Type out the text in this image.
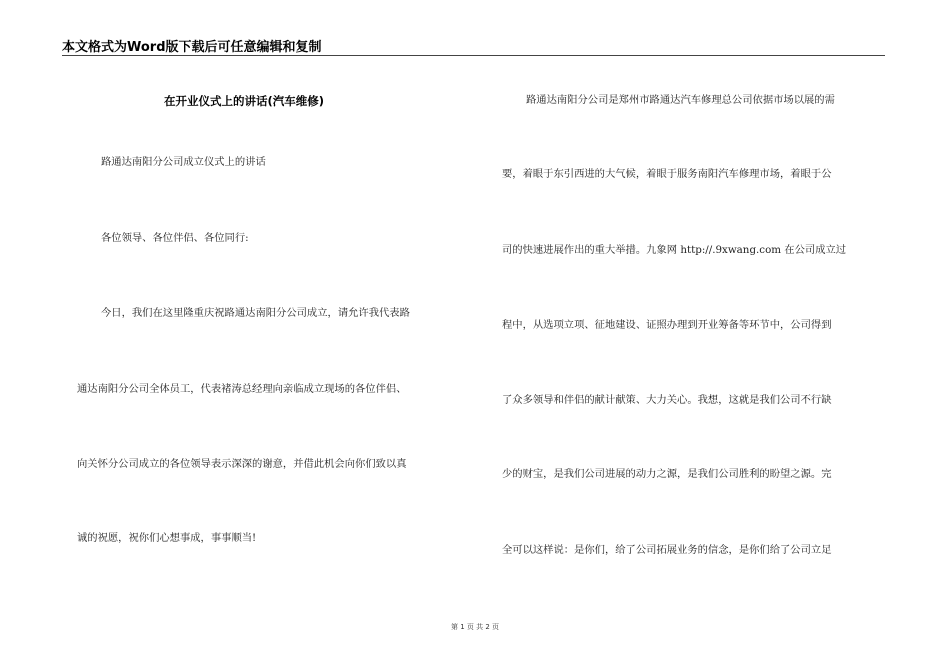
本文格式为Word版下载后可任意编辑和复制
在开业仪式上的讲话(汽车维修)
路通达南阳分公司成立仪式上的讲话
各位领导、各位伴侣、各位同行:
今日，我们在这里隆重庆祝路通达南阳分公司成立，请允许我代表路
通达南阳分公司全体员工，代表褚涛总经理向亲临成立现场的各位伴侣、
向关怀分公司成立的各位领导表示深深的谢意，并借此机会向你们致以真
诚的祝愿，祝你们心想事成，事事顺当!
路通达南阳分公司是郑州市路通达汽车修理总公司依据市场以展的需
要，着眼于东引西进的大气候，着眼于服务南阳汽车修理市场，着眼于公
司的快速进展作出的重大举措。九象网 http://.9xwang.com 在公司成立过
程中，从选项立项、征地建设、证照办理到开业筹备等环节中，公司得到
了众多领导和伴侣的献计献策、大力关心。我想，这就是我们公司不行缺
少的财宝，是我们公司进展的动力之源，是我们公司胜利的盼望之源。完
全可以这样说：是你们，给了公司拓展业务的信念，是你们给了公司立足
第 1 页 共 2 页
